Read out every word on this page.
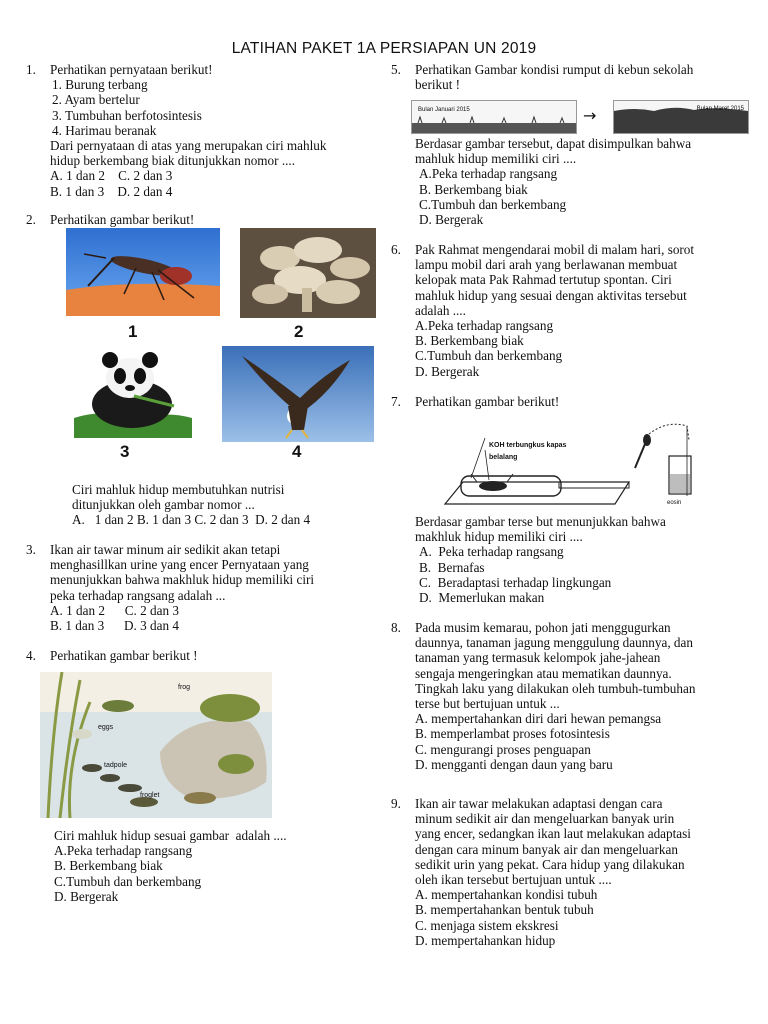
LATIHAN PAKET 1A PERSIAPAN UN 2019
1. Perhatikan pernyataan berikut!
1. Burung terbang
2. Ayam bertelur
3. Tumbuhan berfotosintesis
4. Harimau beranak
Dari pernyataan di atas yang merupakan ciri mahluk
hidup berkembang biak ditunjukkan nomor ....
A. 1 dan 2    C. 2 dan 3
B. 1 dan 3    D. 2 dan 4
2. Perhatikan gambar berikut!
1	2
3	4
Ciri mahluk hidup membutuhkan nutrisi
ditunjukkan oleh gambar nomor ...
A.   1 dan 2 B. 1 dan 3 C. 2 dan 3  D. 2 dan 4
3. Ikan air tawar minum air sedikit akan tetapi
menghasillkan urine yang encer Pernyataan yang
menunjukkan bahwa makhluk hidup memiliki ciri
peka terhadap rangsang adalah ...
A. 1 dan 2      C. 2 dan 3
B. 1 dan 3      D. 3 dan 4
4. Perhatikan gambar berikut !
frog
eggs
tadpole
froglet
Ciri mahluk hidup sesuai gambar  adalah ....
A.Peka terhadap rangsang
B. Berkembang biak
C.Tumbuh dan berkembang
D. Bergerak
5. Perhatikan Gambar kondisi rumput di kebun sekolah
berikut !
Bulan Januari 2015	→	Bulan Maret 2015
Berdasar gambar tersebut, dapat disimpulkan bahwa
mahluk hidup memiliki ciri ....
A.Peka terhadap rangsang
B. Berkembang biak
C.Tumbuh dan berkembang
D. Bergerak
6. Pak Rahmat mengendarai mobil di malam hari, sorot
lampu mobil dari arah yang berlawanan membuat
kelopak mata Pak Rahmad tertutup spontan. Ciri
mahluk hidup yang sesuai dengan aktivitas tersebut
adalah ....
A.Peka terhadap rangsang
B. Berkembang biak
C.Tumbuh dan berkembang
D. Bergerak
7. Perhatikan gambar berikut!
KOH terbungkus kapas
belalang
eosin
Berdasar gambar terse but menunjukkan bahwa
makhluk hidup memiliki ciri ....
A.  Peka terhadap rangsang
B.  Bernafas
C.  Beradaptasi terhadap lingkungan
D.  Memerlukan makan
8. Pada musim kemarau, pohon jati menggugurkan
daunnya, tanaman jagung menggulung daunnya, dan
tanaman yang termasuk kelompok jahe-jahean
sengaja mengeringkan atau mematikan daunnya.
Tingkah laku yang dilakukan oleh tumbuh-tumbuhan
terse but bertujuan untuk ...
A. mempertahankan diri dari hewan pemangsa
B. memperlambat proses fotosintesis
C. mengurangi proses penguapan
D. mengganti dengan daun yang baru
9. Ikan air tawar melakukan adaptasi dengan cara
minum sedikit air dan mengeluarkan banyak urin
yang encer, sedangkan ikan laut melakukan adaptasi
dengan cara minum banyak air dan mengeluarkan
sedikit urin yang pekat. Cara hidup yang dilakukan
oleh ikan tersebut bertujuan untuk ....
A. mempertahankan kondisi tubuh
B. mempertahankan bentuk tubuh
C. menjaga sistem ekskresi
D. mempertahankan hidup
